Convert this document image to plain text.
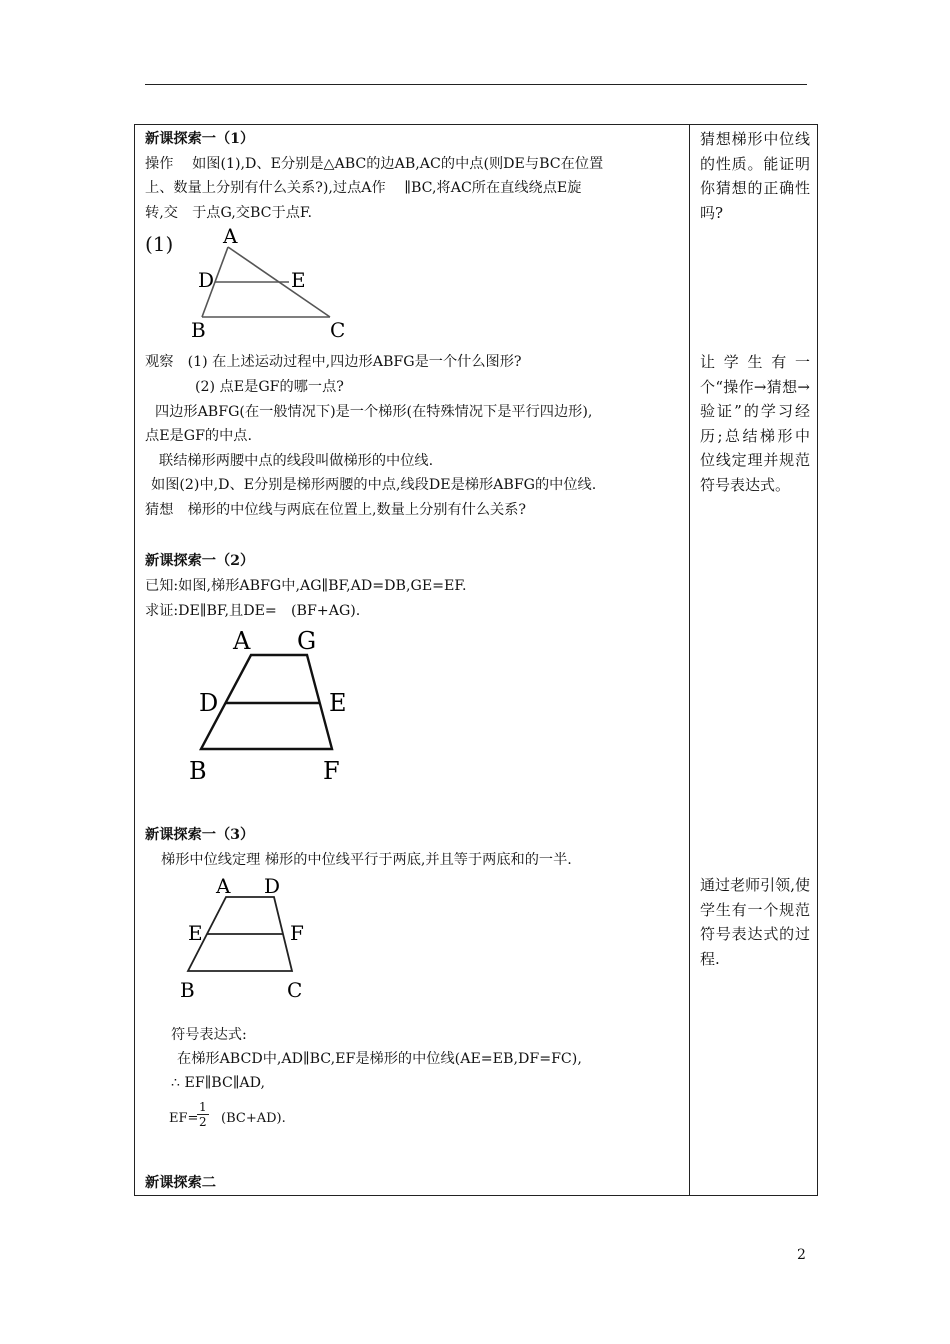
新课探索一（1）
操作　 如图(1),D、E分别是△ABC的边AB,AC的中点(则DE与BC在位置
上、数量上分别有什么关系?),过点A作　 ∥BC,将AC所在直线绕点E旋
转,交　于点G,交BC于点F.
(1) A
D	E
B	C
观察　(1) 在上述运动过程中,四边形ABFG是一个什么图形?
(2) 点E是GF的哪一点?
四边形ABFG(在一般情况下)是一个梯形(在特殊情况下是平行四边形),
点E是GF的中点.
联结梯形两腰中点的线段叫做梯形的中位线.
如图(2)中,D、E分别是梯形两腰的中点,线段DE是梯形ABFG的中位线.
猜想　梯形的中位线与两底在位置上,数量上分别有什么关系?
新课探索一（2）
已知:如图,梯形ABFG中,AG∥BF,AD=DB,GE=EF.
求证:DE∥BF,且DE=　(BF+AG).
A G
D	E
B	F
新课探索一（3）
梯形中位线定理 梯形的中位线平行于两底,并且等于两底和的一半.
A D
E	F
B	C
符号表达式:
在梯形ABCD中,AD∥BC,EF是梯形的中位线(AE=EB,DF=FC),
∴ EF∥BC∥AD,
EF=
$\frac{1}{2} (BC+AD)$.
新课探索二

猜想梯形中位线的性质。能证明你猜想的正确性吗?
让学生有一个“操作→猜想→验证”的学习经历;总结梯形中位线定理并规范符号表达式。
通过老师引领,使学生有一个规范符号表达式的过程.
2
